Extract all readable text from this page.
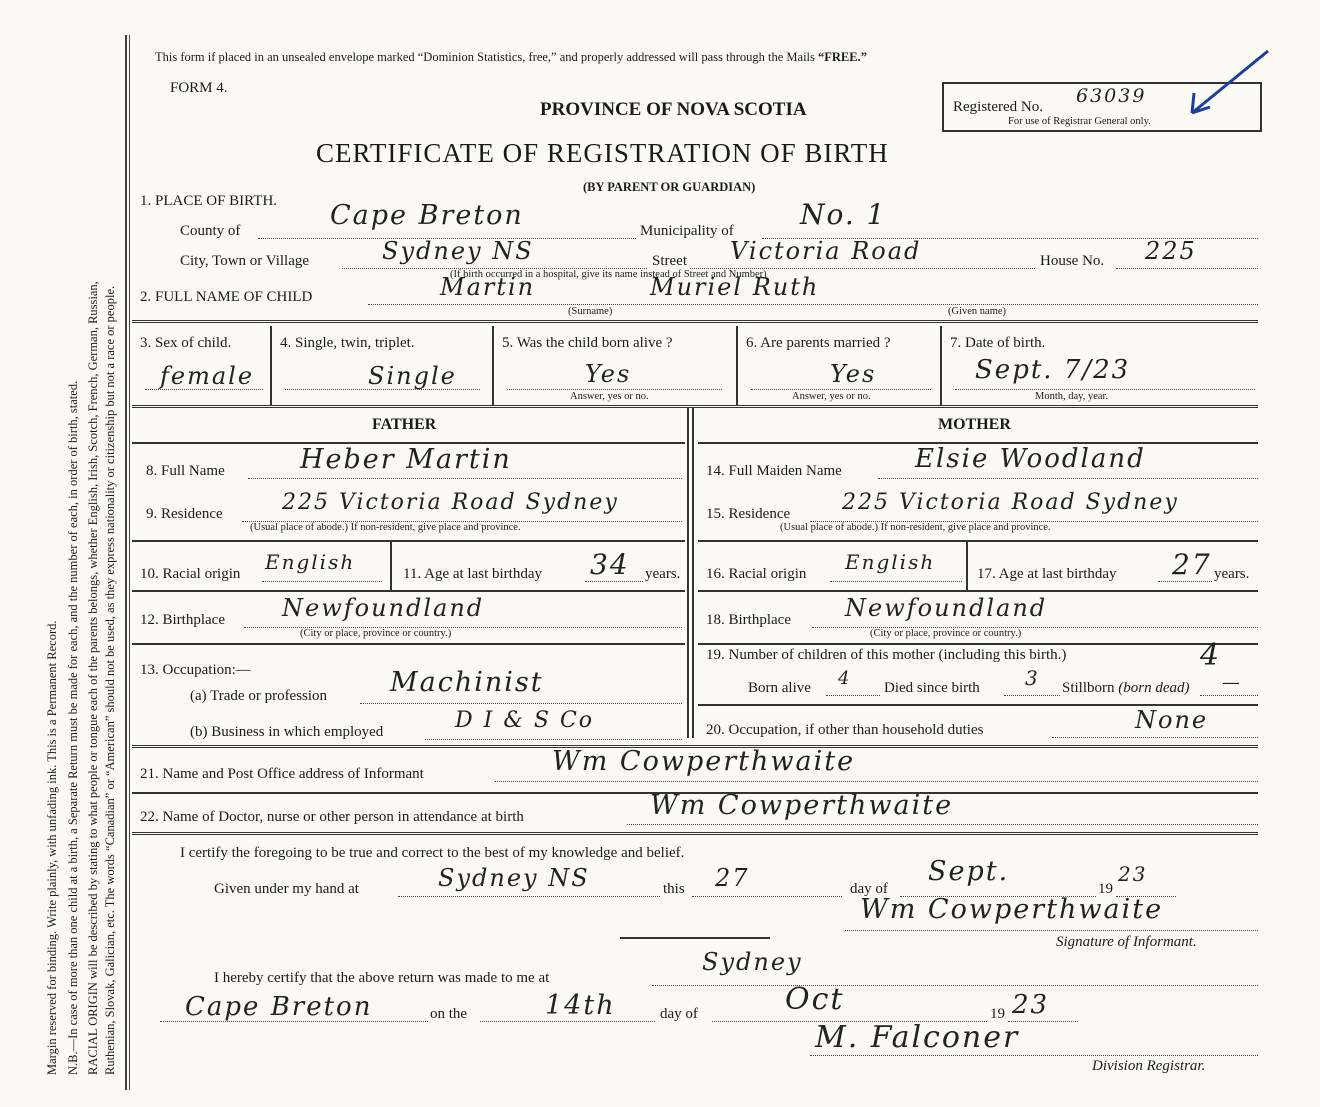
Margin reserved for binding. Write plainly, with unfading ink. This is a Permanent Record. N.B.—In case of more than one child at a birth, a Separate Return must be made for each, and the number of each, in order of birth, stated. RACIAL ORIGIN will be described by stating to what people or tongue each of the parents belongs, whether English, Irish, Scotch, French, German, Russian, Ruthenian, Slovak, Galician, etc. The words “Canadian” or “American” should not be used, as they express nationality or citizenship but not a race or people.
This form if placed in an unsealed envelope marked “Dominion Statistics, free,” and properly addressed will pass through the Mails “FREE.”
FORM 4.
PROVINCE OF NOVA SCOTIA
CERTIFICATE OF REGISTRATION OF BIRTH
(BY PARENT OR GUARDIAN)
Registered No. 63039
For use of Registrar General only.
1. PLACE OF BIRTH.
County of	Cape Breton	Municipality of No. 1
City, Town or Village	Sydney NS	Street Victoria Road	House No. 225
(If birth occurred in a hospital, give its name instead of Street and Number)
2. FULL NAME OF CHILD	Martin	Muriel Ruth
(Surname)	(Given name)
3. Sex of child.
female
4. Single, twin, triplet.
Single
5. Was the child born alive ?
Yes
Answer, yes or no.
6. Are parents married ?
Yes
Answer, yes or no.
7. Date of birth.
Sept. 7/23
Month, day, year.
FATHER	MOTHER
8. Full Name	Heber Martin
9. Residence	225 Victoria Road Sydney
(Usual place of abode.) If non-resident, give place and province.
10. Racial origin English	11. Age at last birthday 34 years.
12. Birthplace Newfoundland
(City or place, province or country.)
13. Occupation:—
(a) Trade or profession Machinist
(b) Business in which employed	D I & S Co
14. Full Maiden Name	Elsie Woodland
15. Residence 225 Victoria Road Sydney
(Usual place of abode.) If non-resident, give place and province.
16. Racial origin English	17. Age at last birthday 27 years.
18. Birthplace Newfoundland
(City or place, province or country.)
19. Number of children of this mother (including this birth.)	4
Born alive 4 Died since birth 3 Stillborn (born dead) —
20. Occupation, if other than household duties	None
21. Name and Post Office address of Informant	Wm Cowperthwaite
22. Name of Doctor, nurse or other person in attendance at birth	Wm Cowperthwaite
I certify the foregoing to be true and correct to the best of my knowledge and belief.
Given under my hand at	Sydney NS	this 27	day of
Sept.
19
23
Wm Cowperthwaite
Signature of Informant.
I hereby certify that the above return was made to me at
Sydney
Cape Breton	on the	14th	day of	Oct	19 23
M. Falconer
Division Registrar.
